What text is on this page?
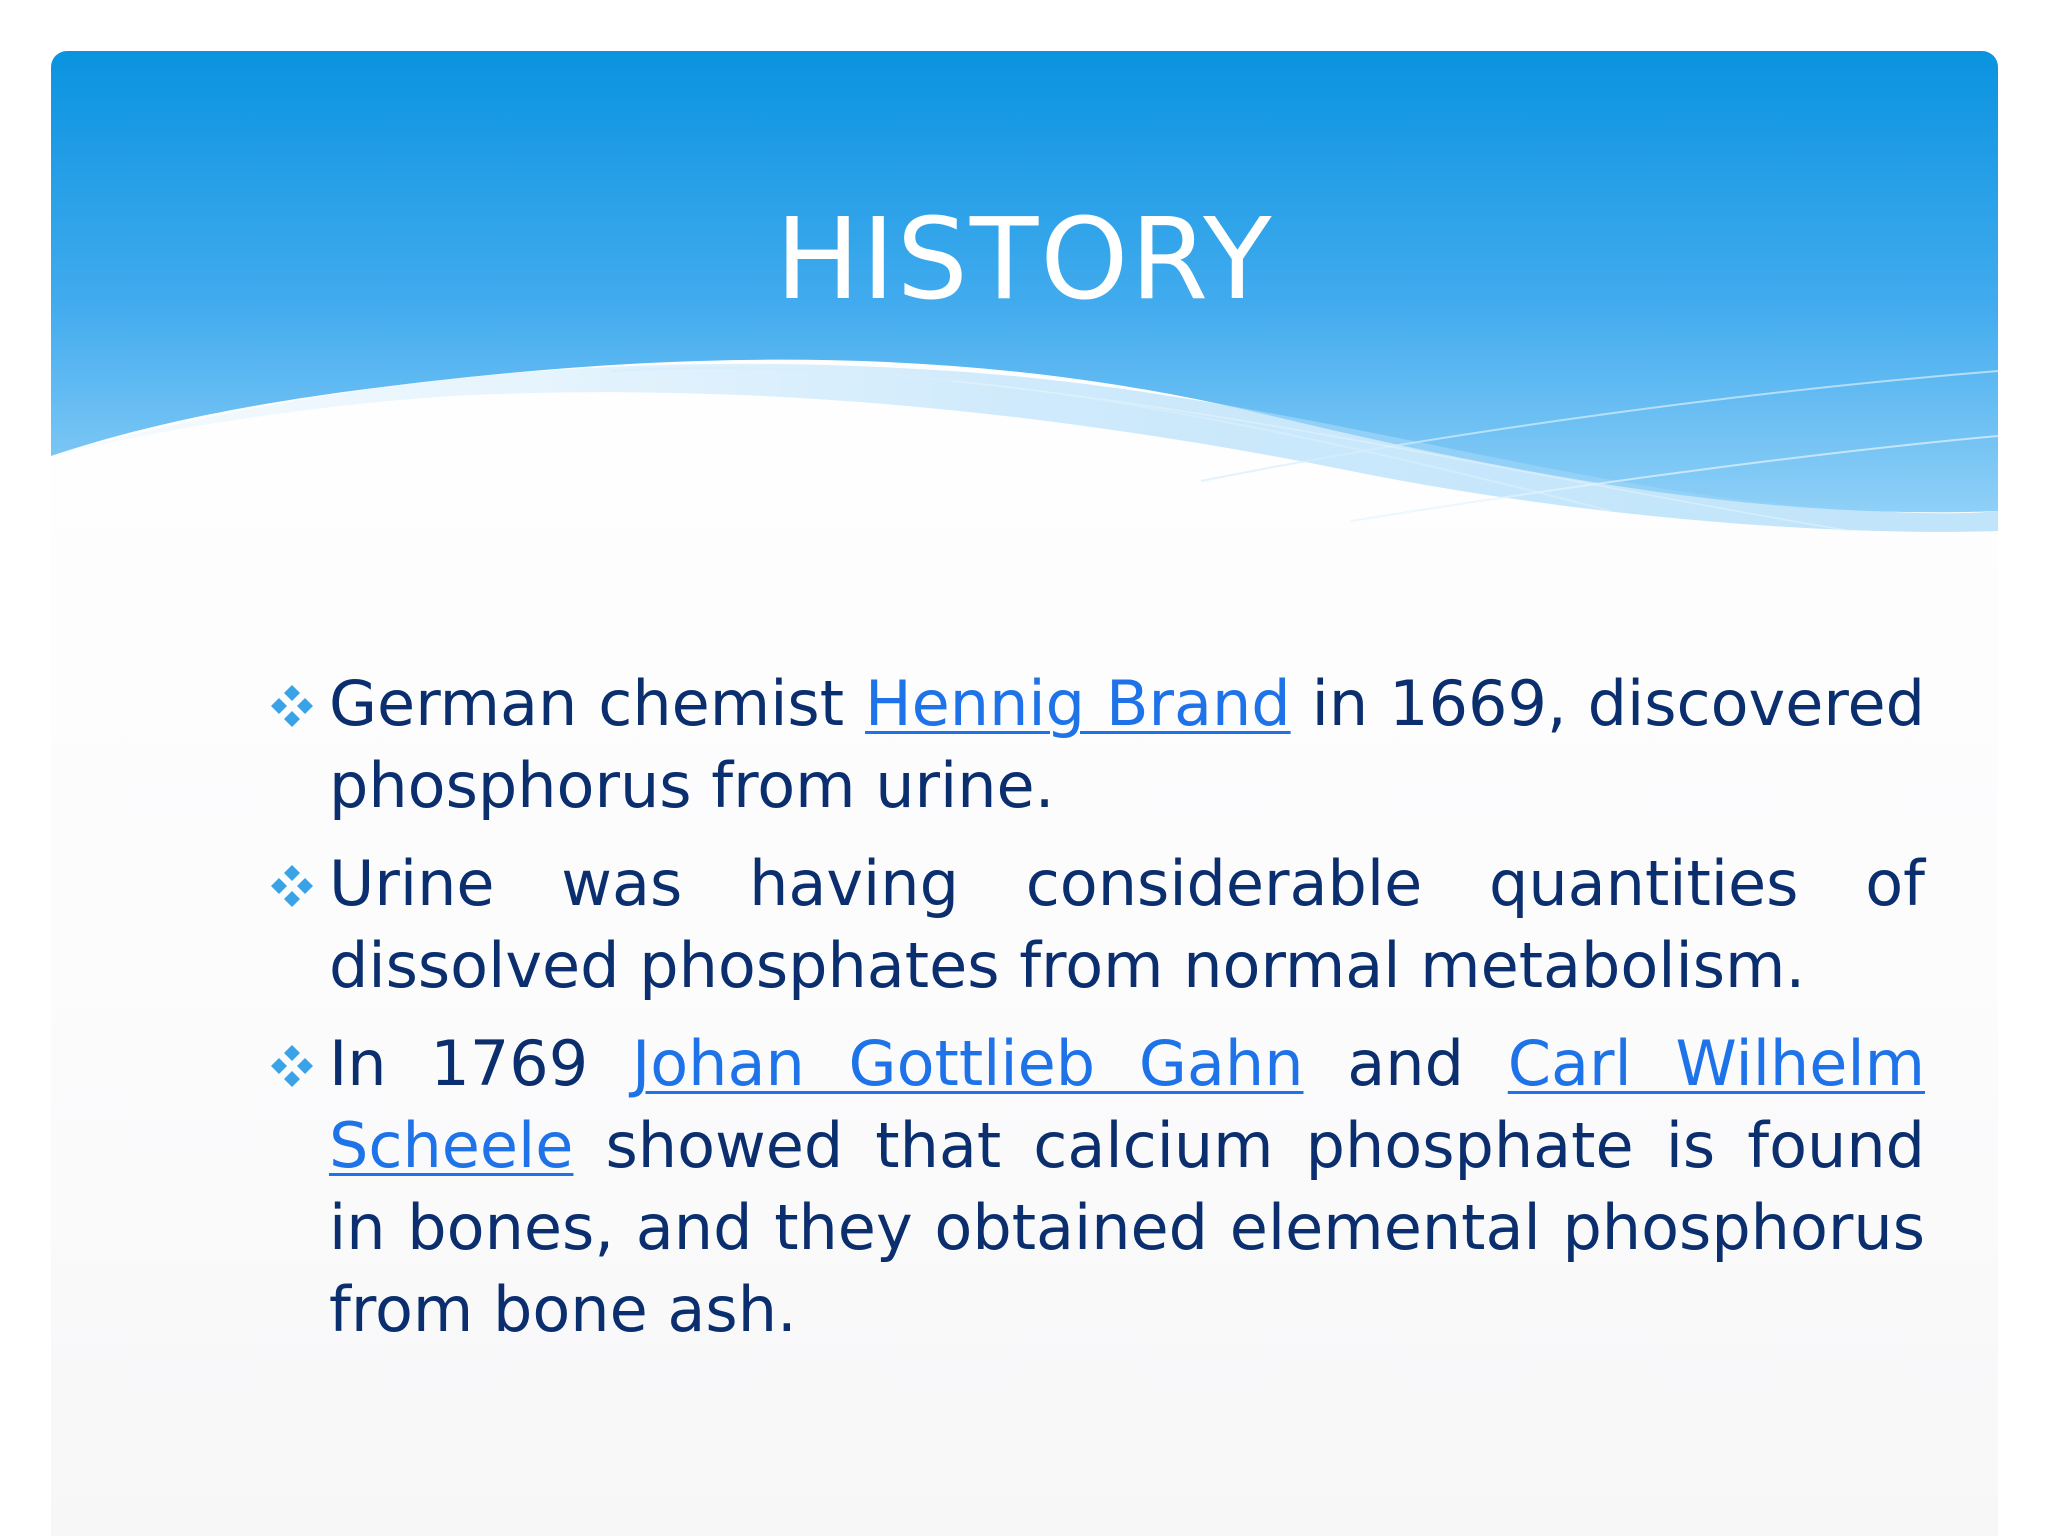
HISTORY

German chemist Hennig Brand in 1669, discovered phosphorus from urine.

Urine was having considerable quantities of dissolved phosphates from normal metabolism.

In 1769 Johan Gottlieb Gahn and Carl Wilhelm Scheele showed that calcium phosphate is found in bones, and they obtained elemental phosphorus from bone ash.
